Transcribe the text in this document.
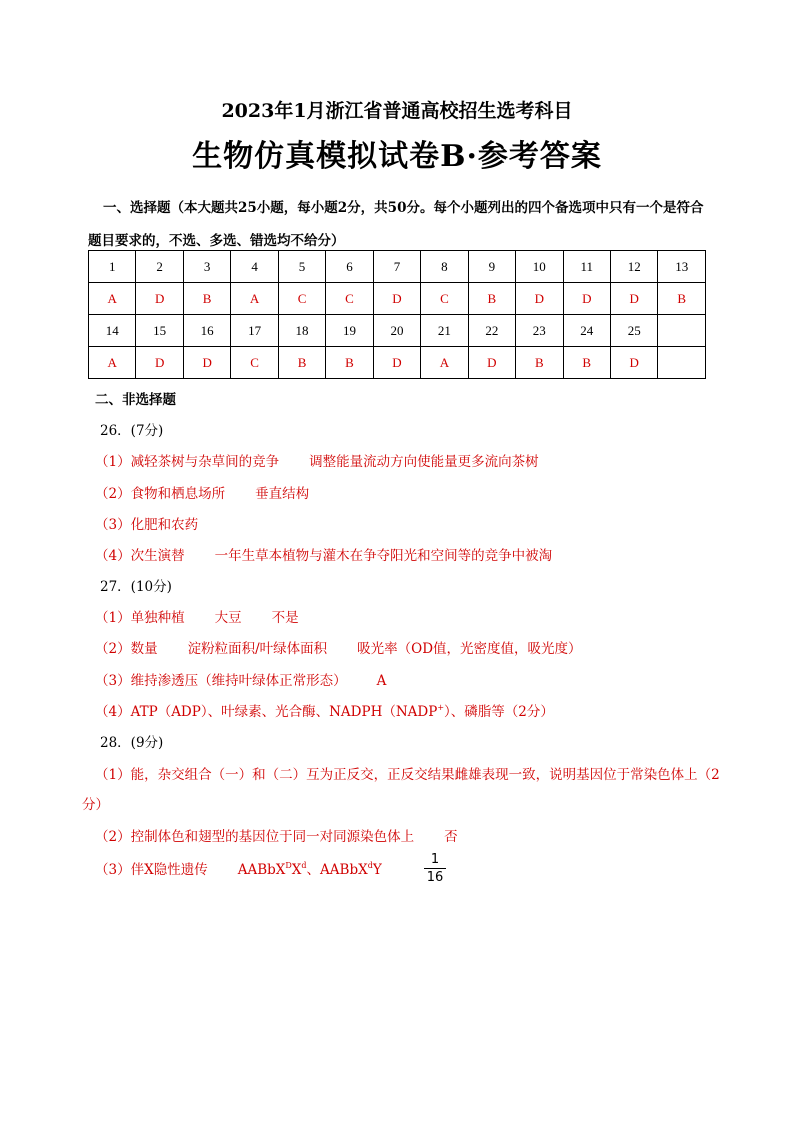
2023年1月浙江省普通高校招生选考科目
生物仿真模拟试卷B·参考答案
一、选择题（本大题共25小题，每小题2分，共50分。每个小题列出的四个备选项中只有一个是符合题目要求的，不选、多选、错选均不给分）
1	2	3	4	5	6	7	8	9	10	11	12	13
A	D	B	A	C	C	D	C	B	D	D	D	B
14	15	16	17	18	19	20	21	22	23	24	25	
A	D	D	C	B	B	D	A	D	B	B	D	
二、非选择题
26．(7分)
（1）减轻茶树与杂草间的竞争 调整能量流动方向使能量更多流向茶树
（2）食物和栖息场所 垂直结构
（3）化肥和农药
（4）次生演替 一年生草本植物与灌木在争夺阳光和空间等的竞争中被淘
27．(10分)
（1）单独种植 大豆 不是
（2）数量 淀粉粒面积/叶绿体面积 吸光率（OD值，光密度值，吸光度）
（3）维持渗透压（维持叶绿体正常形态） A
（4）ATP（ADP）、叶绿素、光合酶、NADPH（NADP+）、磷脂等（2分）
28．(9分)
（1）能，杂交组合（一）和（二）互为正反交，正反交结果雌雄表现一致，说明基因位于常染色体上（2
分）
（2）控制体色和翅型的基因位于同一对同源染色体上 否
（3）伴X隐性遗传 $AABbX^DX^d$、AABbX$^d$Y
1
16
